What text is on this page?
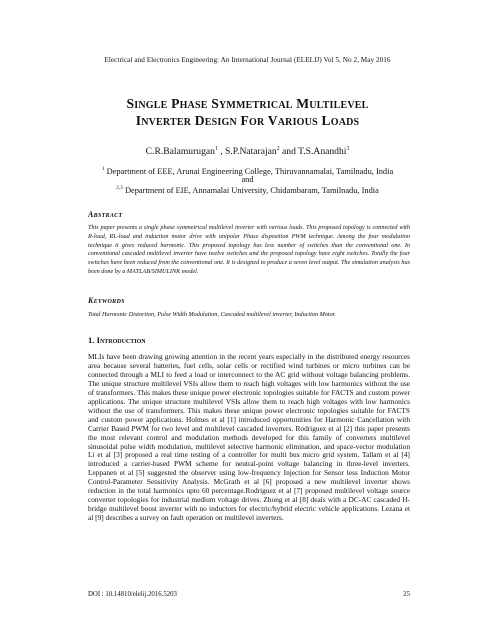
Electrical and Electronics Engineering: An International Journal (ELELIJ) Vol 5, No 2, May 2016
Single Phase Symmetrical Multilevel
Inverter Design For Various Loads
C.R.Balamurugan$^1$ , S.P.Natarajan$^2$ and T.S.Anandhi$^3$
$^1$ Department of EEE, Arunai Engineering College, Thiruvannamalai, Tamilnadu, India
and
$^{2,3}$ Department of EIE, Annamalai University, Chidambaram, Tamilnadu, India
Abstract
This paper presents a single phase symmetrical multilevel inverter with various loads. This proposed topology is connected with R-load, RL-load and induction motor drive with unipolar Phase disposition PWM technique. Among the four modulation technique it gives reduced harmonic. This proposed topology has less number of switches than the conventional one. In conventional cascaded multilevel inverter have twelve switches and the proposed topology have eight switches. Totally the four switches have been reduced from the conventional one. It is designed to produce a seven level output. The simulation analysis has been done by a MATLAB/SIMULINK model.
Keywords
Total Harmonic Distortion, Pulse Width Modulation, Cascaded multilevel inverter, Induction Motor.
1. Introduction
MLIs have been drawing growing attention in the recent years especially in the distributed energy resources area because several batteries, fuel cells, solar cells or rectified wind turbines or micro turbines can be connected through a MLI to feed a load or interconnect to the AC grid without voltage balancing problems. The unique structure multilevel VSIs allow them to reach high voltages with low harmonics without the use of transformers. This makes these unique power electronic topologies suitable for FACTS and custom power applications. The unique structure multilevel VSIs allow them to reach high voltages with low harmonics without the use of transformers. This makes these unique power electronic topologies suitable for FACTS and custom power applications. Holmes et al [1] introduced opportunities for Harmonic Cancellation with Carrier Based PWM for two level and multilevel cascaded inverters. Rodriguez et al [2] this paper presents the most relevant control and modulation methods developed for this family of converters multilevel sinusoidal pulse width modulation, multilevel selective harmonic elimination, and space-vector modulation Li et al [3] proposed a real time testing of a controller for multi bus micro grid system. Tallam et al [4] introduced a carrier-based PWM scheme for neutral-point voltage balancing in three-level inverters. Leppanen et al [5] suggested the observer using low-frequency Injection for Sensor less Induction Motor Control-Parameter Sensitivity Analysis. McGrath et al [6] proposed a new multilevel inverter shows reduction in the total harmonics upto 60 percentage.Rodriguez et al [7] proposed multilevel voltage source converter topologies for industrial medium voltage drives. Zhong et al [8] deals with a DC-AC cascaded H-bridge multilevel boost inverter with no inductors for electric/hybrid electric vehicle applications. Lezana et al [9] describes a survey on fault operation on multilevel inverters.
DOI : 10.14810/elelij.2016.5203	25
